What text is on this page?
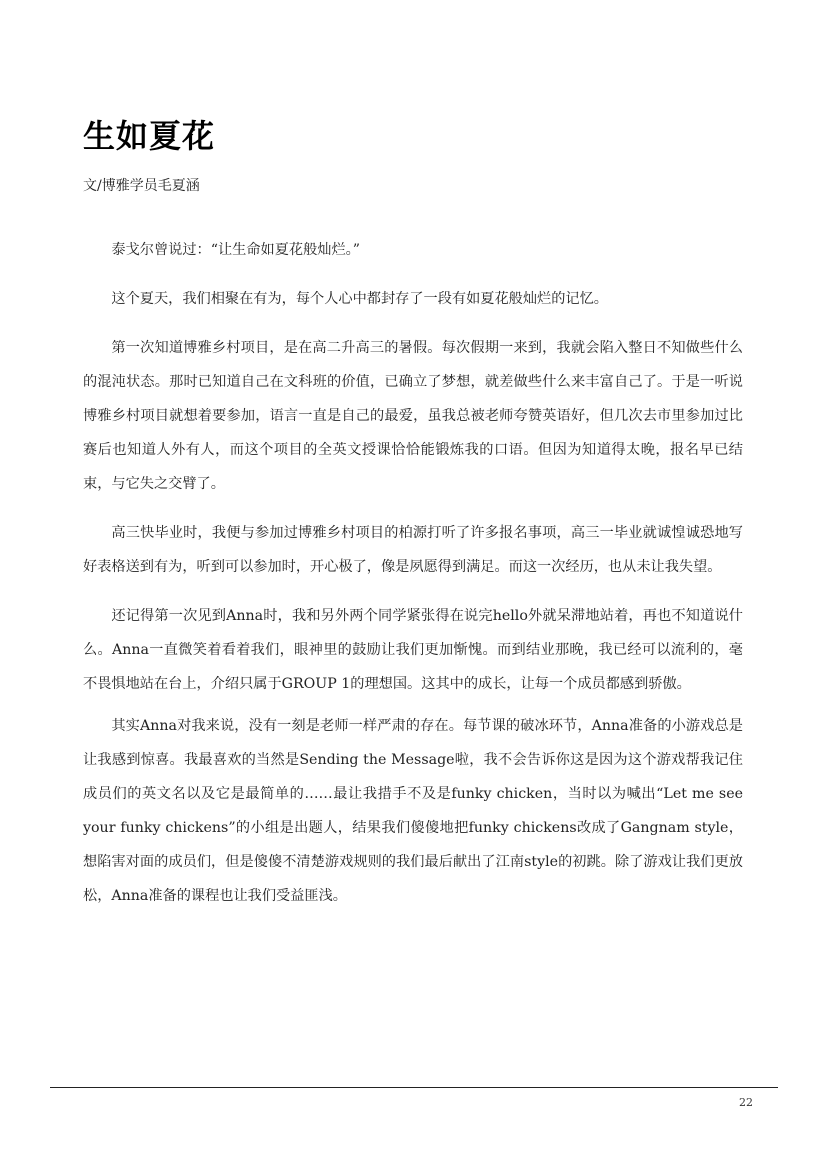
生如夏花

文/博雅学员毛夏涵

泰戈尔曾说过：“让生命如夏花般灿烂。”

这个夏天，我们相聚在有为，每个人心中都封存了一段有如夏花般灿烂的记忆。

第一次知道博雅乡村项目，是在高二升高三的暑假。每次假期一来到，我就会陷入整日不知做些什么的混沌状态。那时已知道自己在文科班的价值，已确立了梦想，就差做些什么来丰富自己了。于是一听说博雅乡村项目就想着要参加，语言一直是自己的最爱，虽我总被老师夸赞英语好，但几次去市里参加过比赛后也知道人外有人，而这个项目的全英文授课恰恰能锻炼我的口语。但因为知道得太晚，报名早已结束，与它失之交臂了。

高三快毕业时，我便与参加过博雅乡村项目的柏源打听了许多报名事项，高三一毕业就诚惶诚恐地写好表格送到有为，听到可以参加时，开心极了，像是夙愿得到满足。而这一次经历，也从未让我失望。

还记得第一次见到Anna时，我和另外两个同学紧张得在说完hello外就呆滞地站着，再也不知道说什么。Anna一直微笑着看着我们，眼神里的鼓励让我们更加惭愧。而到结业那晚，我已经可以流利的，毫不畏惧地站在台上，介绍只属于GROUP 1的理想国。这其中的成长，让每一个成员都感到骄傲。

其实Anna对我来说，没有一刻是老师一样严肃的存在。每节课的破冰环节，Anna准备的小游戏总是让我感到惊喜。我最喜欢的当然是Sending the Message啦，我不会告诉你这是因为这个游戏帮我记住成员们的英文名以及它是最简单的……最让我措手不及是funky chicken，当时以为喊出“Let me see your funky chickens”的小组是出题人，结果我们傻傻地把funky chickens改成了Gangnam style，想陷害对面的成员们，但是傻傻不清楚游戏规则的我们最后献出了江南style的初跳。除了游戏让我们更放松，Anna准备的课程也让我们受益匪浅。

22
